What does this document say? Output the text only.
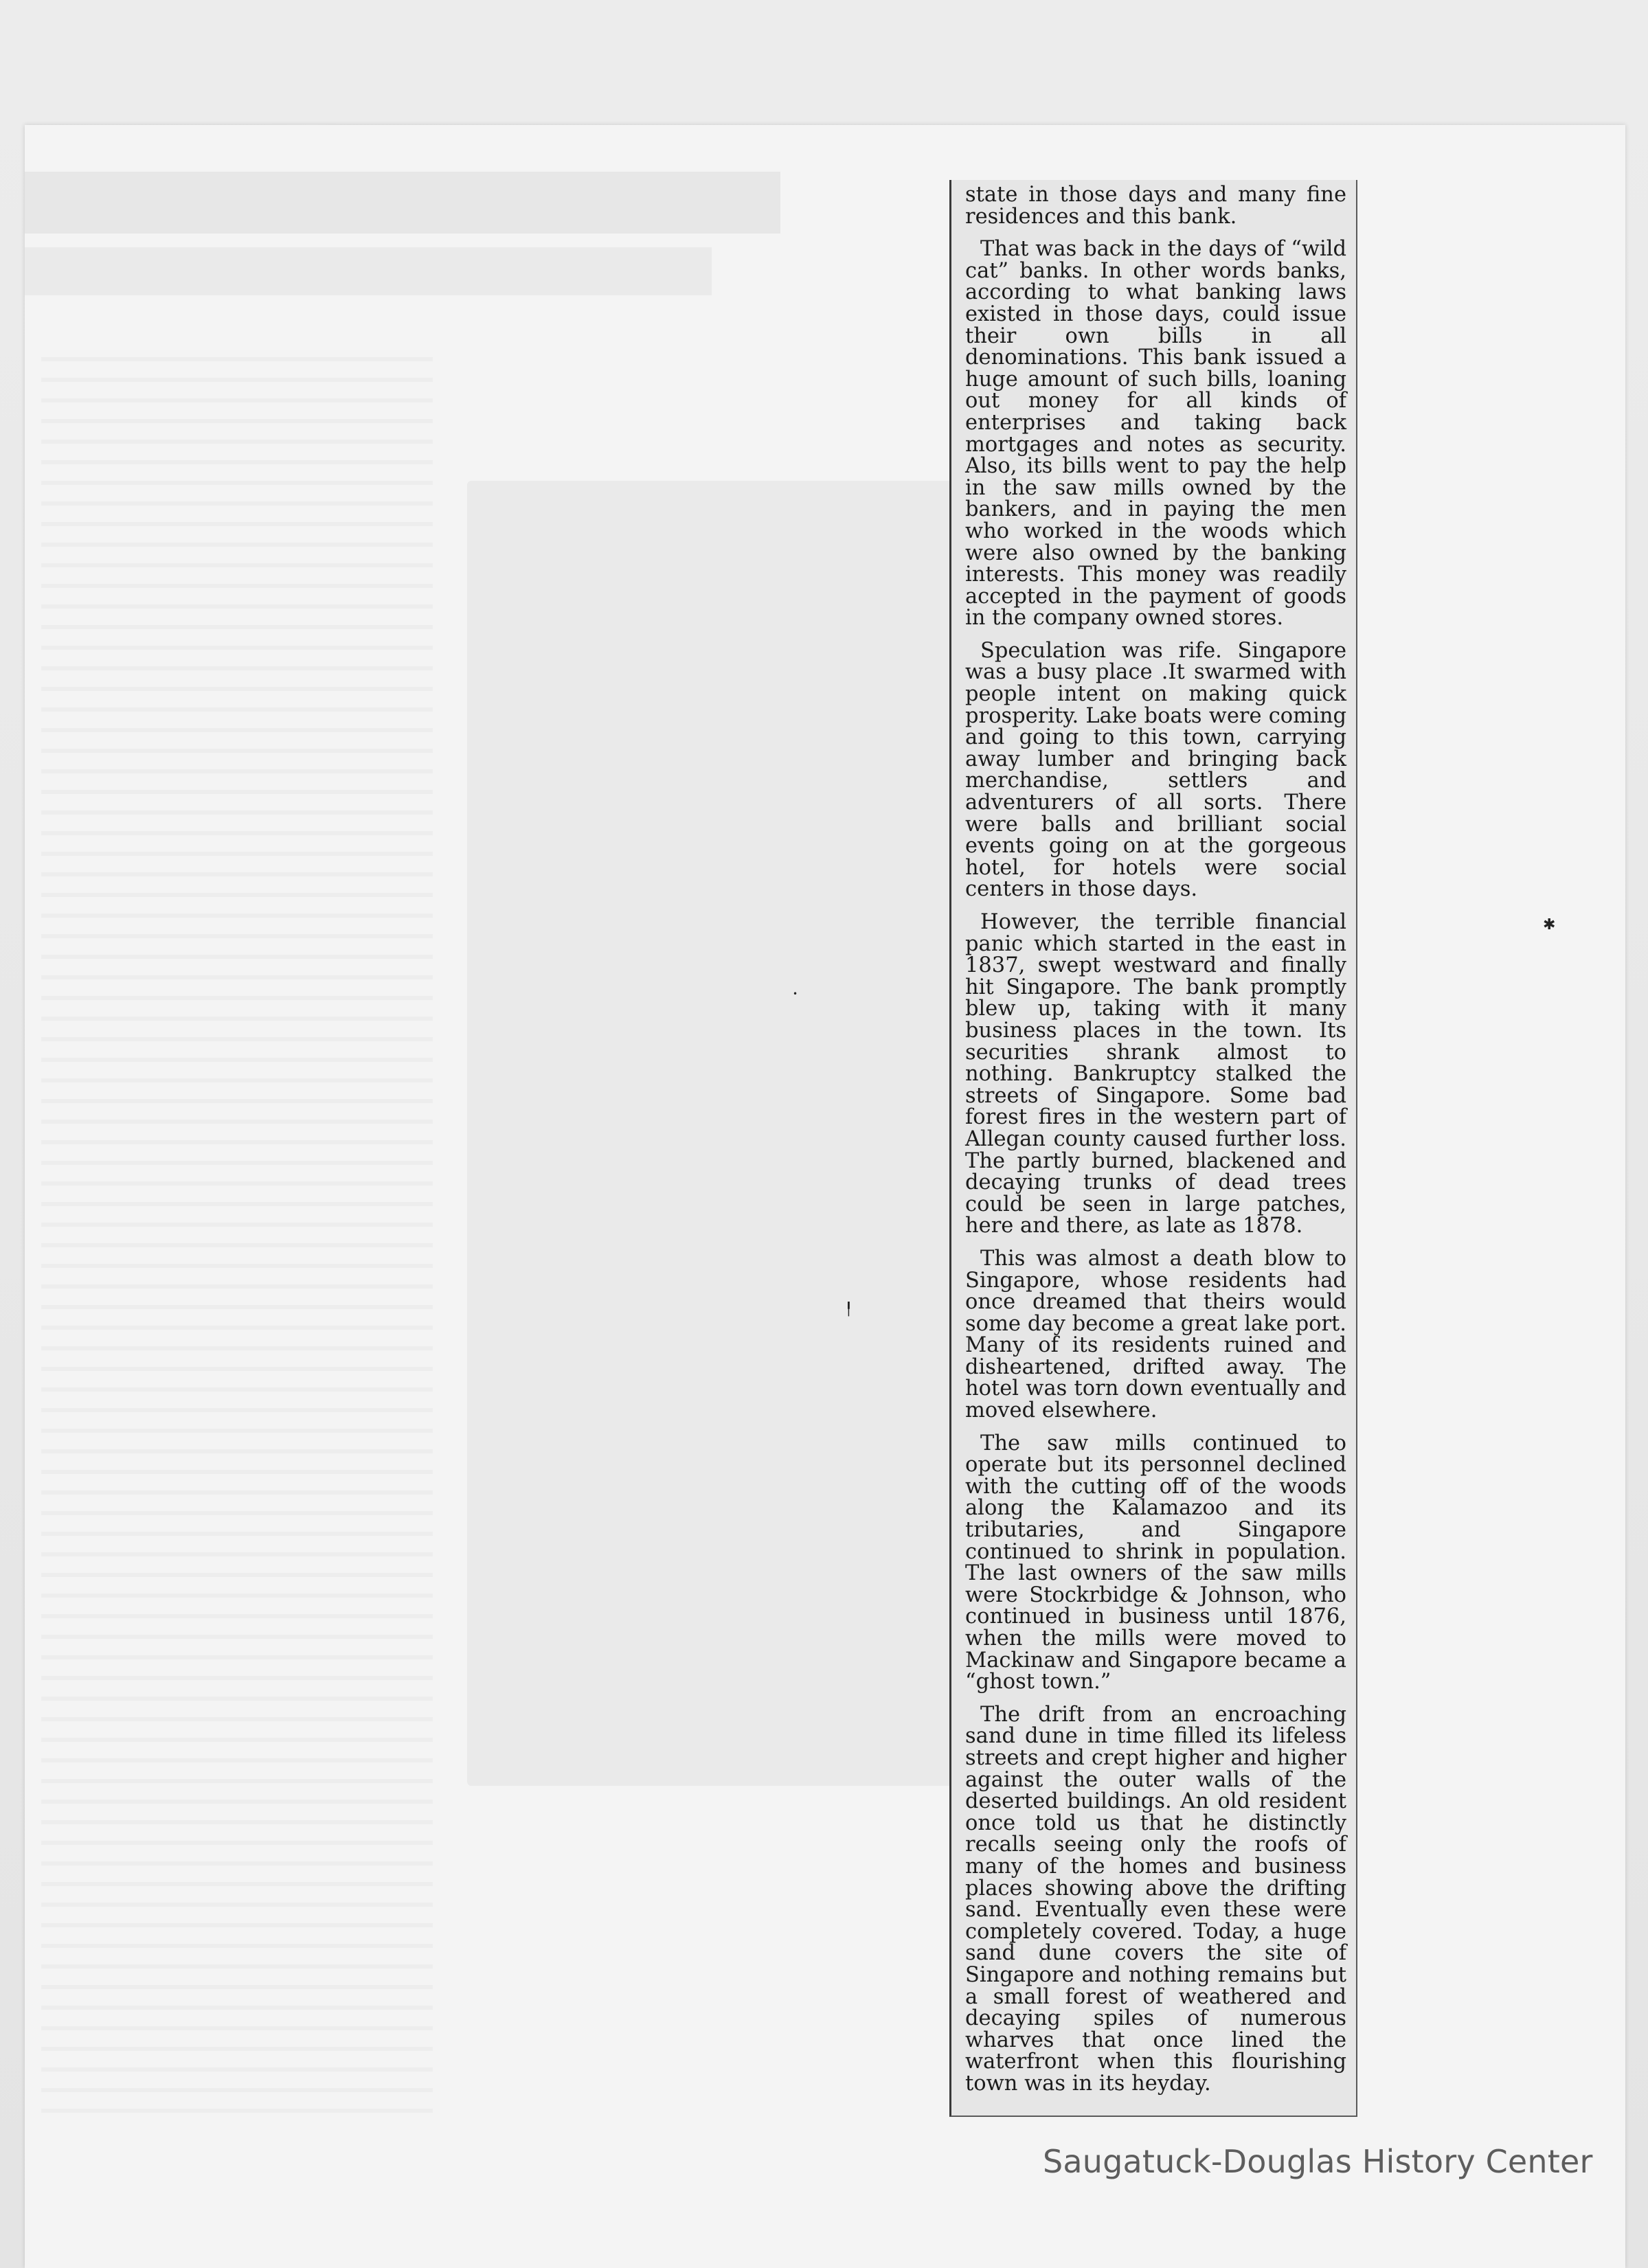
state in those days and many fine residences and this bank.

That was back in the days of “wild cat” banks. In other words banks, according to what banking laws existed in those days, could issue their own bills in all denominations. This bank issued a huge amount of such bills, loaning out money for all kinds of enterprises and taking back mortgages and notes as security. Also, its bills went to pay the help in the saw mills owned by the bankers, and in paying the men who worked in the woods which were also owned by the banking interests. This money was readily accepted in the payment of goods in the company owned stores.

Speculation was rife. Singapore was a busy place .It swarmed with people intent on making quick prosperity. Lake boats were coming and going to this town, carrying away lumber and bringing back merchandise, settlers and adventurers of all sorts. There were balls and brilliant social events going on at the gorgeous hotel, for hotels were social centers in those days.

However, the terrible financial panic which started in the east in 1837, swept westward and finally hit Singapore. The bank promptly blew up, taking with it many business places in the town. Its securities shrank almost to nothing. Bankruptcy stalked the streets of Singapore. Some bad forest fires in the western part of Allegan county caused further loss. The partly burned, blackened and decaying trunks of dead trees could be seen in large patches, here and there, as late as 1878.

This was almost a death blow to Singapore, whose residents had once dreamed that theirs would some day become a great lake port. Many of its residents ruined and disheartened, drifted away. The hotel was torn down eventually and moved elsewhere.

The saw mills continued to operate but its personnel declined with the cutting off of the woods along the Kalamazoo and its tributaries, and Singapore continued to shrink in population. The last owners of the saw mills were Stockrbidge & Johnson, who continued in business until 1876, when the mills were moved to Mackinaw and Singapore became a “ghost town.”

The drift from an encroaching sand dune in time filled its lifeless streets and crept higher and higher against the outer walls of the deserted buildings. An old resident once told us that he distinctly recalls seeing only the roofs of many of the homes and business places showing above the drifting sand. Eventually even these were completely covered. Today, a huge sand dune covers the site of Singapore and nothing remains but a small forest of weathered and decaying spiles of numerous wharves that once lined the waterfront when this flourishing town was in its heyday.

✱
╿
•
Saugatuck-Douglas History Center
